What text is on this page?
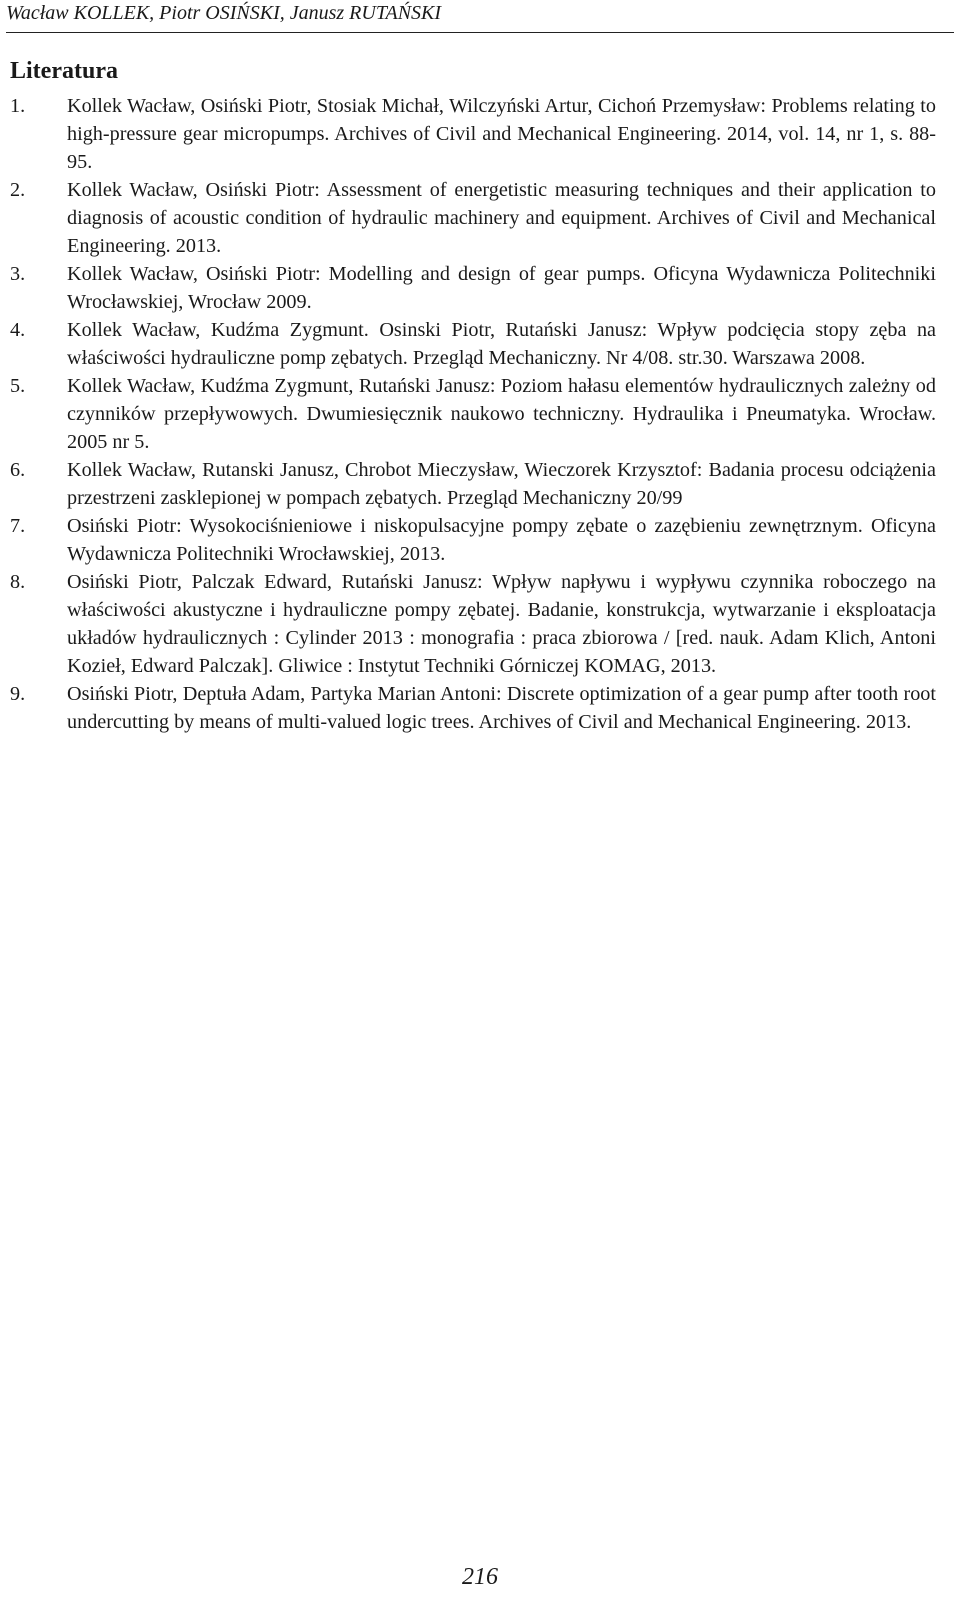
Wacław KOLLEK, Piotr OSIŃSKI, Janusz RUTAŃSKI
Literatura
1. Kollek Wacław, Osiński Piotr, Stosiak Michał, Wilczyński Artur, Cichoń Przemysław: Problems relating to high-pressure gear micropumps. Archives of Civil and Mechanical Engineering. 2014, vol. 14, nr 1, s. 88-95.
2. Kollek Wacław, Osiński Piotr: Assessment of energetistic measuring techniques and their application to diagnosis of acoustic condition of hydraulic machinery and equipment. Archives of Civil and Mechanical Engineering. 2013.
3. Kollek Wacław, Osiński Piotr: Modelling and design of gear pumps. Oficyna Wydawnicza Politechniki Wrocławskiej, Wrocław 2009.
4. Kollek Wacław, Kudźma Zygmunt. Osinski Piotr, Rutański Janusz: Wpływ podcięcia stopy zęba na właściwości hydrauliczne pomp zębatych. Przegląd Mechaniczny. Nr 4/08. str.30. Warszawa 2008.
5. Kollek Wacław, Kudźma Zygmunt, Rutański Janusz: Poziom hałasu elementów hydraulicznych zależny od czynników przepływowych. Dwumiesięcznik naukowo techniczny. Hydraulika i Pneumatyka. Wrocław. 2005 nr 5.
6. Kollek Wacław, Rutanski Janusz, Chrobot Mieczysław, Wieczorek Krzysztof: Badania procesu odciążenia przestrzeni zasklepionej w pompach zębatych. Przegląd Mechaniczny 20/99
7. Osiński Piotr: Wysokociśnieniowe i niskopulsacyjne pompy zębate o zazębieniu zewnętrznym. Oficyna Wydawnicza Politechniki Wrocławskiej, 2013.
8. Osiński Piotr, Palczak Edward, Rutański Janusz: Wpływ napływu i wypływu czynnika roboczego na właściwości akustyczne i hydrauliczne pompy zębatej. Badanie, konstrukcja, wytwarzanie i eksploatacja układów hydraulicznych : Cylinder 2013 : monografia : praca zbiorowa / [red. nauk. Adam Klich, Antoni Kozieł, Edward Palczak]. Gliwice : Instytut Techniki Górniczej KOMAG, 2013.
9. Osiński Piotr, Deptuła Adam, Partyka Marian Antoni: Discrete optimization of a gear pump after tooth root undercutting by means of multi-valued logic trees. Archives of Civil and Mechanical Engineering. 2013.
216
